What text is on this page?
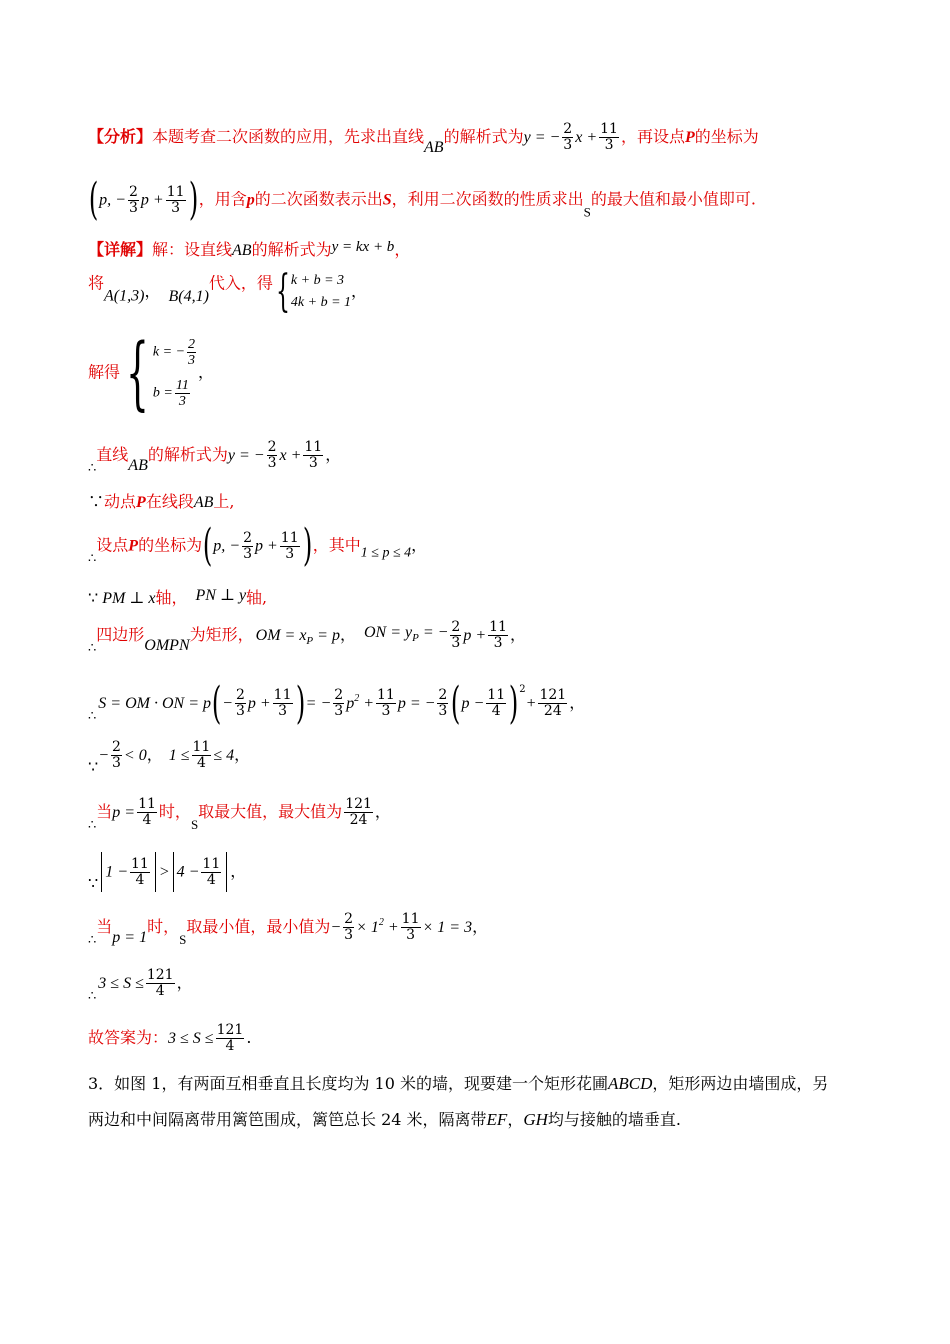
【分析】本题考查二次函数的应用，先求出直线AB的解析式为y = − $\frac{2}{3}$ $x + \frac{11}{3}$ ，再设点P的坐标为
(p, − $\frac{2}{3}$ $p + \frac{11}{3}$ )，用含p的二次函数表示出S，利用二次函数的性质求出$_S$的最大值和最小值即可.
【详解】解：设直线AB的解析式为y = kx + b，
将A(1,3)， B(4,1)代入，得{ k + b = 3
4k + b = 1
，
解得{ k = − $\frac{2}{3}$
$b = \frac{11}{3}$
，
$_\therefore$直线AB的解析式为y = − $\frac{2}{3}$ $x + \frac{11}{3}$ ，
∵动点P在线段AB上,
$_\therefore$设点P的坐标为(p, − $\frac{2}{3}$ $p + \frac{11}{3}$ )，其中1 ≤ p ≤ 4，
∵ PM ⊥ x轴， PN ⊥ y轴,
$_\therefore$四边形OMPN为矩形， OM = $x_P = p$， ON = $y_P$ = − $\frac{2}{3}$ $p + \frac{11}{3}$ ，
$_\therefore$S = OM · ON = $p(- \frac{2}{3}$ $p + \frac{11}{3}$ )= − $\frac{2}{3} p^2 + \frac{11}{3}$ p = − $\frac{2}{3} (p - \frac{11}{4} )^2+ \frac{121}{24}$ ，
∵− $\frac{2}{3} < 0$， $1 \le \frac{11}{4} \le 4$，
$_\therefore$当$p = \frac{11}{4}$ 时，$_S$取最大值，最大值为 $\frac{121}{24}$ ，
∵1 − $\frac{11}{4} > 4 - \frac{11}{4}$ ，
$_\therefore$当p = 1时，$_S$取最小值，最小值为− $\frac{2}{3} \times 1^2 + \frac{11}{3} \times 1 = 3$，
$_\therefore 3 \le S \le \frac{121}{4}$ ，
故答案为：$3 \le S \le \frac{121}{4}$ .
3．如图 1，有两面互相垂直且长度均为 10 米的墙，现要建一个矩形花圃ABCD，矩形两边由墙围成，另
两边和中间隔离带用篱笆围成，篱笆总长 24 米，隔离带EF，GH均与接触的墙垂直.
